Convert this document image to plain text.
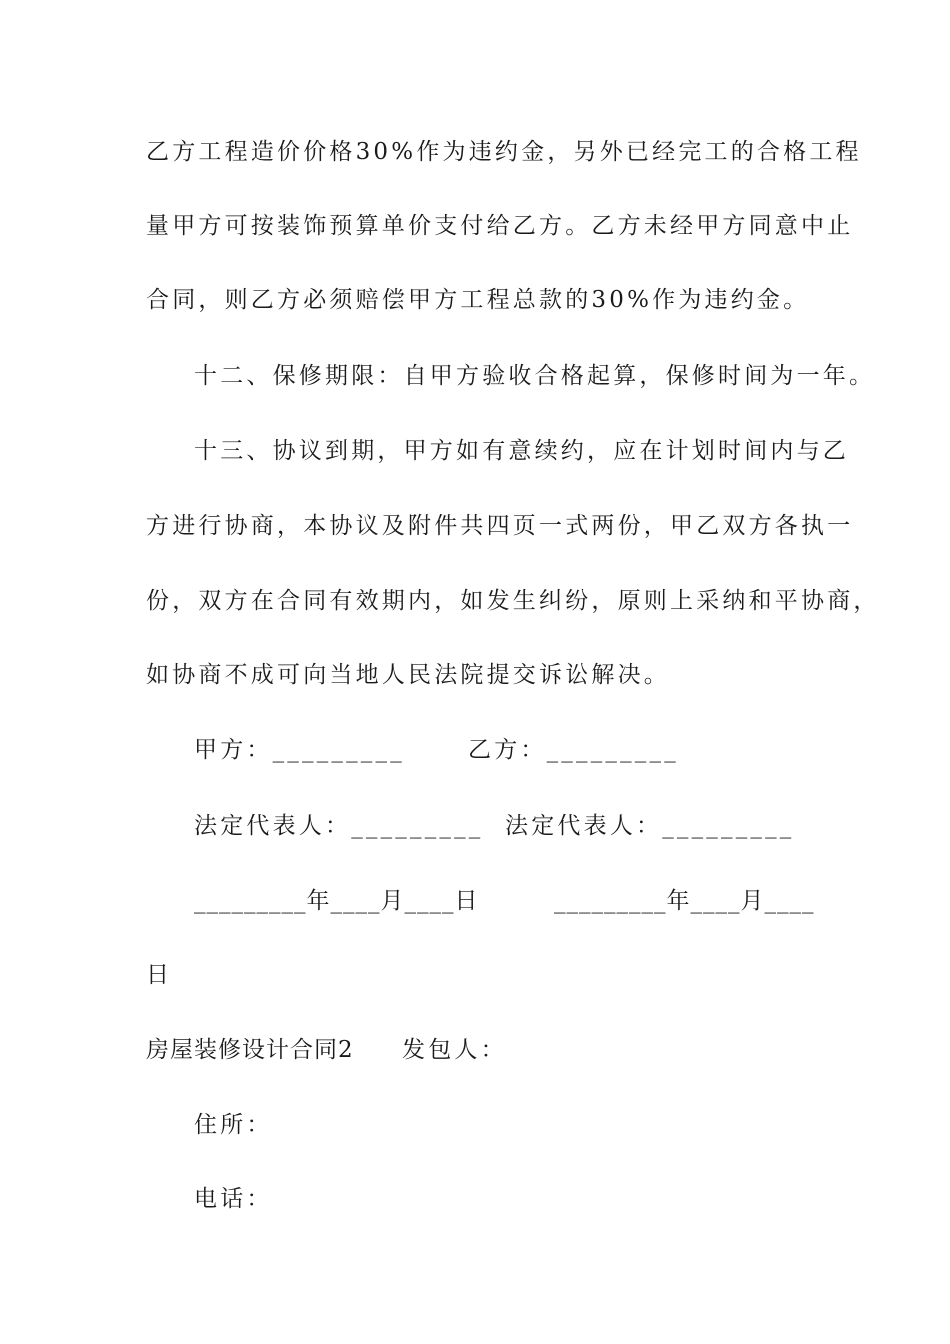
乙方工程造价价格30%作为违约金，另外已经完工的合格工程
量甲方可按装饰预算单价支付给乙方。乙方未经甲方同意中止
合同，则乙方必须赔偿甲方工程总款的30%作为违约金。
十二、保修期限：自甲方验收合格起算，保修时间为一年。
十三、协议到期，甲方如有意续约，应在计划时间内与乙
方进行协商，本协议及附件共四页一式两份，甲乙双方各执一
份，双方在合同有效期内，如发生纠纷，原则上采纳和平协商，
如协商不成可向当地人民法院提交诉讼解决。
甲方：_________	乙方：_________
法定代表人：_________ 法定代表人：_________
_________年____月____日	_________年____月____
日
房屋装修设计合同2 发包人：
住所：
电话：
